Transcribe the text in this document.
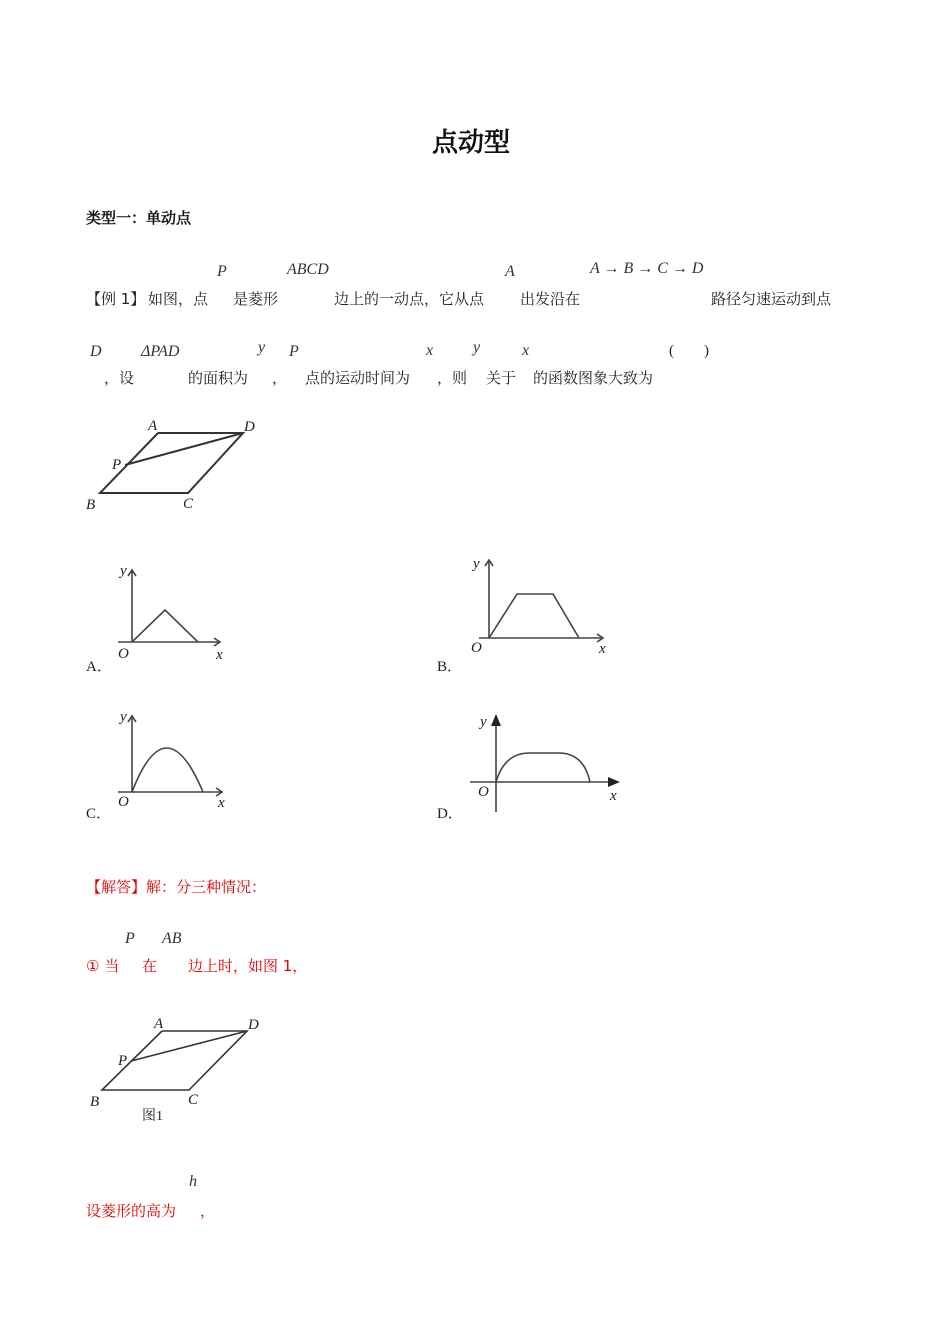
点动型
类型一：单动点
P	ABCD	A	A → B → C → D
【例 1】 如图，点 是菱形	边上的一动点，它从点 出发沿在	路径匀速运动到点
D ΔPAD	y P	x y	x	(　　)
，设	的面积为 ， 点的运动时间为 ，则 关于 的函数图象大致为
A	D
P
B	C
A．
y
x
O
B．
y
x
O
C．
y
x
O
D．
y
x
O
【解答】解：分三种情况：
P AB
① 当 在 边上时，如图 1，
A	D
P
B	C
图1
h
设菱形的高为 ，
